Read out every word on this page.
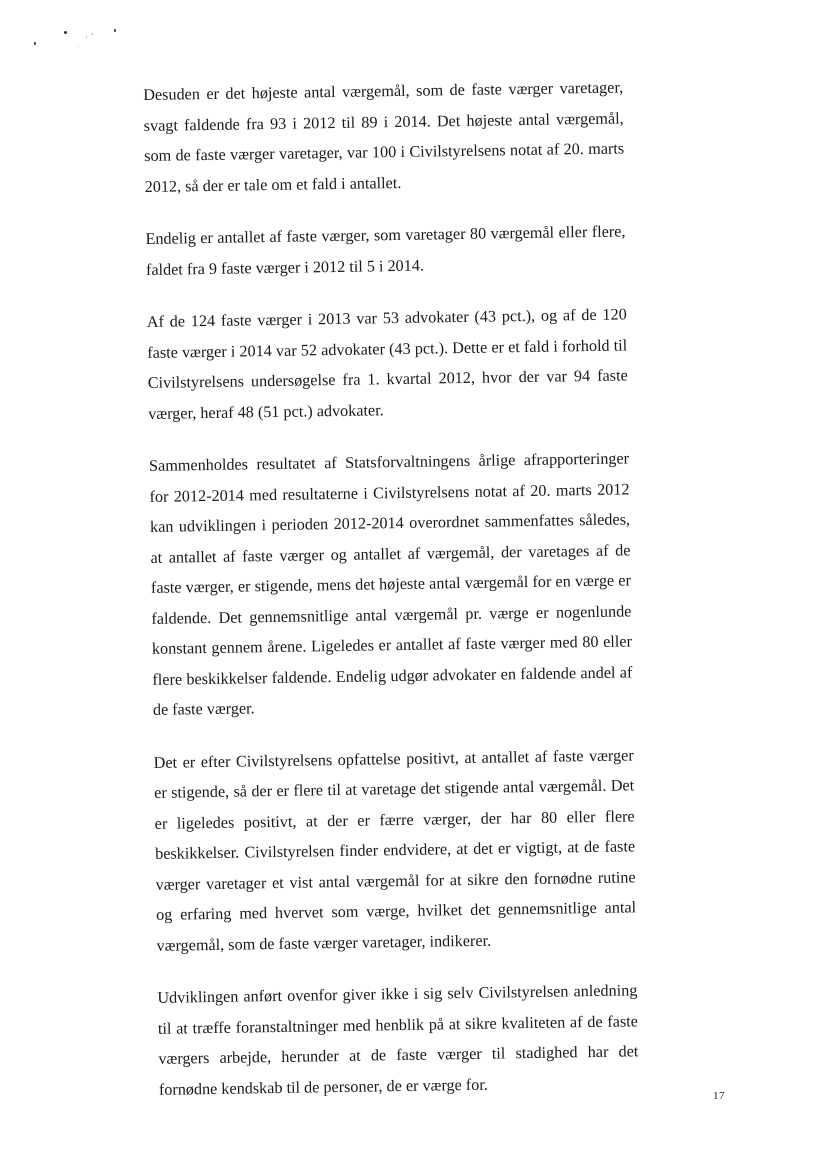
Desuden er det højeste antal værgemål, som de faste værger varetager, svagt faldende fra 93 i 2012 til 89 i 2014. Det højeste antal værgemål, som de faste værger varetager, var 100 i Civilstyrelsens notat af 20. marts 2012, så der er tale om et fald i antallet.

Endelig er antallet af faste værger, som varetager 80 værgemål eller flere, faldet fra 9 faste værger i 2012 til 5 i 2014.

Af de 124 faste værger i 2013 var 53 advokater (43 pct.), og af de 120 faste værger i 2014 var 52 advokater (43 pct.). Dette er et fald i forhold til Civilstyrelsens undersøgelse fra 1. kvartal 2012, hvor der var 94 faste værger, heraf 48 (51 pct.) advokater.

Sammenholdes resultatet af Statsforvaltningens årlige afrapporteringer for 2012-2014 med resultaterne i Civilstyrelsens notat af 20. marts 2012 kan udviklingen i perioden 2012-2014 overordnet sammenfattes således, at antallet af faste værger og antallet af værgemål, der varetages af de faste værger, er stigende, mens det højeste antal værgemål for en værge er faldende. Det gennemsnitlige antal værgemål pr. værge er nogenlunde konstant gennem årene. Ligeledes er antallet af faste værger med 80 eller flere beskikkelser faldende. Endelig udgør advokater en faldende andel af de faste værger.

Det er efter Civilstyrelsens opfattelse positivt, at antallet af faste værger er stigende, så der er flere til at varetage det stigende antal værgemål. Det er ligeledes positivt, at der er færre værger, der har 80 eller flere beskikkelser. Civilstyrelsen finder endvidere, at det er vigtigt, at de faste værger varetager et vist antal værgemål for at sikre den fornødne rutine og erfaring med hvervet som værge, hvilket det gennemsnitlige antal værgemål, som de faste værger varetager, indikerer.

Udviklingen anført ovenfor giver ikke i sig selv Civilstyrelsen anledning til at træffe foranstaltninger med henblik på at sikre kvaliteten af de faste værgers arbejde, herunder at de faste værger til stadighed har det fornødne kendskab til de personer, de er værge for.	17
